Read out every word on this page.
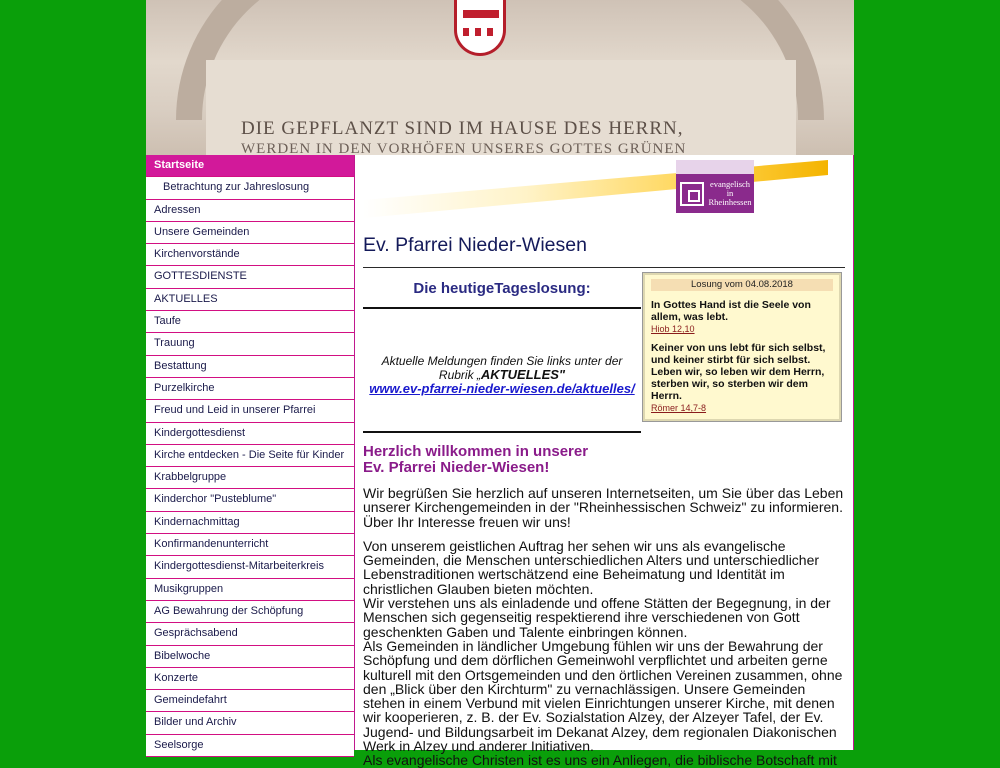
DIE GEPFLANZT SIND IM HAUSE DES HERRN,
WERDEN IN DEN VORHÖFEN UNSERES GOTTES GRÜNEN
Startseite
Betrachtung zur Jahreslosung
Adressen
Unsere Gemeinden
Kirchenvorstände
GOTTESDIENSTE
AKTUELLES
Taufe
Trauung
Bestattung
Purzelkirche
Freud und Leid in unserer Pfarrei
Kindergottesdienst
Kirche entdecken - Die Seite für Kinder
Krabbelgruppe
Kinderchor "Pusteblume"
Kindernachmittag
Konfirmandenunterricht
Kindergottesdienst-Mitarbeiterkreis
Musikgruppen
AG Bewahrung der Schöpfung
Gesprächsabend
Bibelwoche
Konzerte
Gemeindefahrt
Bilder und Archiv
Seelsorge
evangelisch
in
Rheinhessen
Ev. Pfarrei Nieder-Wiesen
Die heutigeTageslosung:
Aktuelle Meldungen finden Sie links unter der Rubrik „AKTUELLES"
www.ev-pfarrei-nieder-wiesen.de/aktuelles/
Losung vom 04.08.2018
In Gottes Hand ist die Seele von allem, was lebt.
Hiob 12,10
Keiner von uns lebt für sich selbst, und keiner stirbt für sich selbst. Leben wir, so leben wir dem Herrn, sterben wir, so sterben wir dem Herrn.
Römer 14,7-8
Herzlich willkommen in unserer
Ev. Pfarrei Nieder-Wiesen!
Wir begrüßen Sie herzlich auf unseren Internetseiten, um Sie über das Leben unserer Kirchengemeinden in der "Rheinhessischen Schweiz" zu informieren. Über Ihr Interesse freuen wir uns!
Von unserem geistlichen Auftrag her sehen wir uns als evangelische Gemeinden, die Menschen unterschiedlichen Alters und unterschiedlicher Lebenstraditionen wertschätzend eine Beheimatung und Identität im christlichen Glauben bieten möchten.
Wir verstehen uns als einladende und offene Stätten der Begegnung, in der Menschen sich gegenseitig respektierend ihre verschiedenen von Gott geschenkten Gaben und Talente einbringen können.
Als Gemeinden in ländlicher Umgebung fühlen wir uns der Bewahrung der Schöpfung und dem dörflichen Gemeinwohl verpflichtet und arbeiten gerne kulturell mit den Ortsgemeinden und den örtlichen Vereinen zusammen, ohne den „Blick über den Kirchturm" zu vernachlässigen. Unsere Gemeinden stehen in einem Verbund mit vielen Einrichtungen unserer Kirche, mit denen wir kooperieren, z. B. der Ev. Sozialstation Alzey, der Alzeyer Tafel, der Ev. Jugend- und Bildungsarbeit im Dekanat Alzey, dem regionalen Diakonischen Werk in Alzey und anderer Initiativen.
Als evangelische Christen ist es uns ein Anliegen, die biblische Botschaft mit
